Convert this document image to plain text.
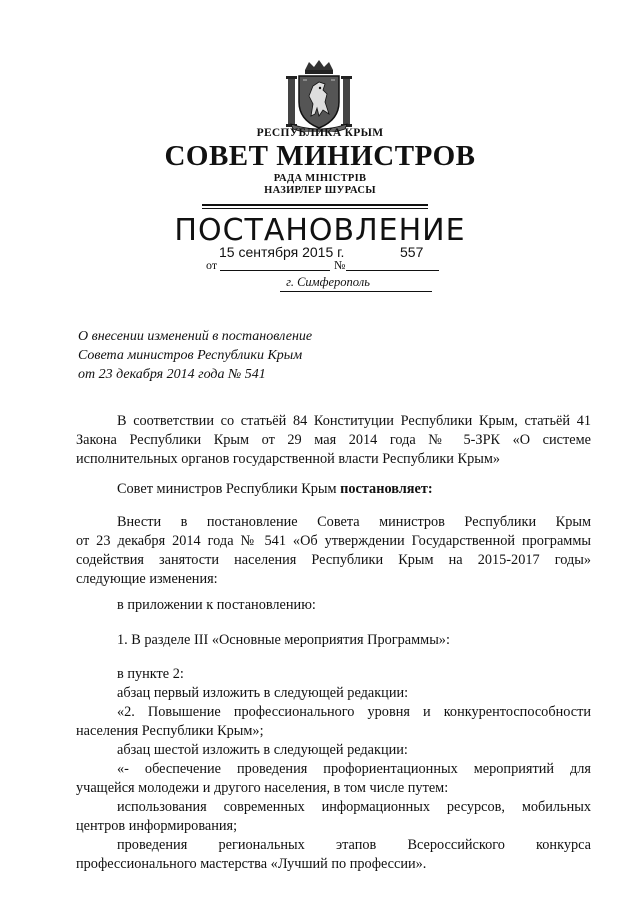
РЕСПУБЛИКА КРЫМ
СОВЕТ МИНИСТРОВ
РАДА МІНІСТРІВ
НАЗИРЛЕР ШУРАСЫ
ПОСТАНОВЛЕНИЕ
15 сентября 2015 г.	557
от	№
г. Симферополь
О внесении изменений в постановление
Совета министров Республики Крым
от 23 декабря 2014 года № 541
В соответствии со статьёй 84 Конституции Республики Крым, статьёй 41
Закона Республики Крым от 29 мая 2014 года № 5-ЗРК «О системе
исполнительных органов государственной власти Республики Крым»
Совет министров Республики Крым постановляет:
Внести в постановление Совета министров Республики Крым
от 23 декабря 2014 года № 541 «Об утверждении Государственной программы
содействия занятости населения Республики Крым на 2015-2017 годы»
следующие изменения:
в приложении к постановлению:
1. В разделе III «Основные мероприятия Программы»:
в пункте 2:
абзац первый изложить в следующей редакции:
«2. Повышение профессионального уровня и конкурентоспособности
населения Республики Крым»;
абзац шестой изложить в следующей редакции:
«- обеспечение проведения профориентационных мероприятий для
учащейся молодежи и другого населения, в том числе путем:
использования современных информационных ресурсов, мобильных
центров информирования;
проведения региональных этапов Всероссийского конкурса
профессионального мастерства «Лучший по профессии».
